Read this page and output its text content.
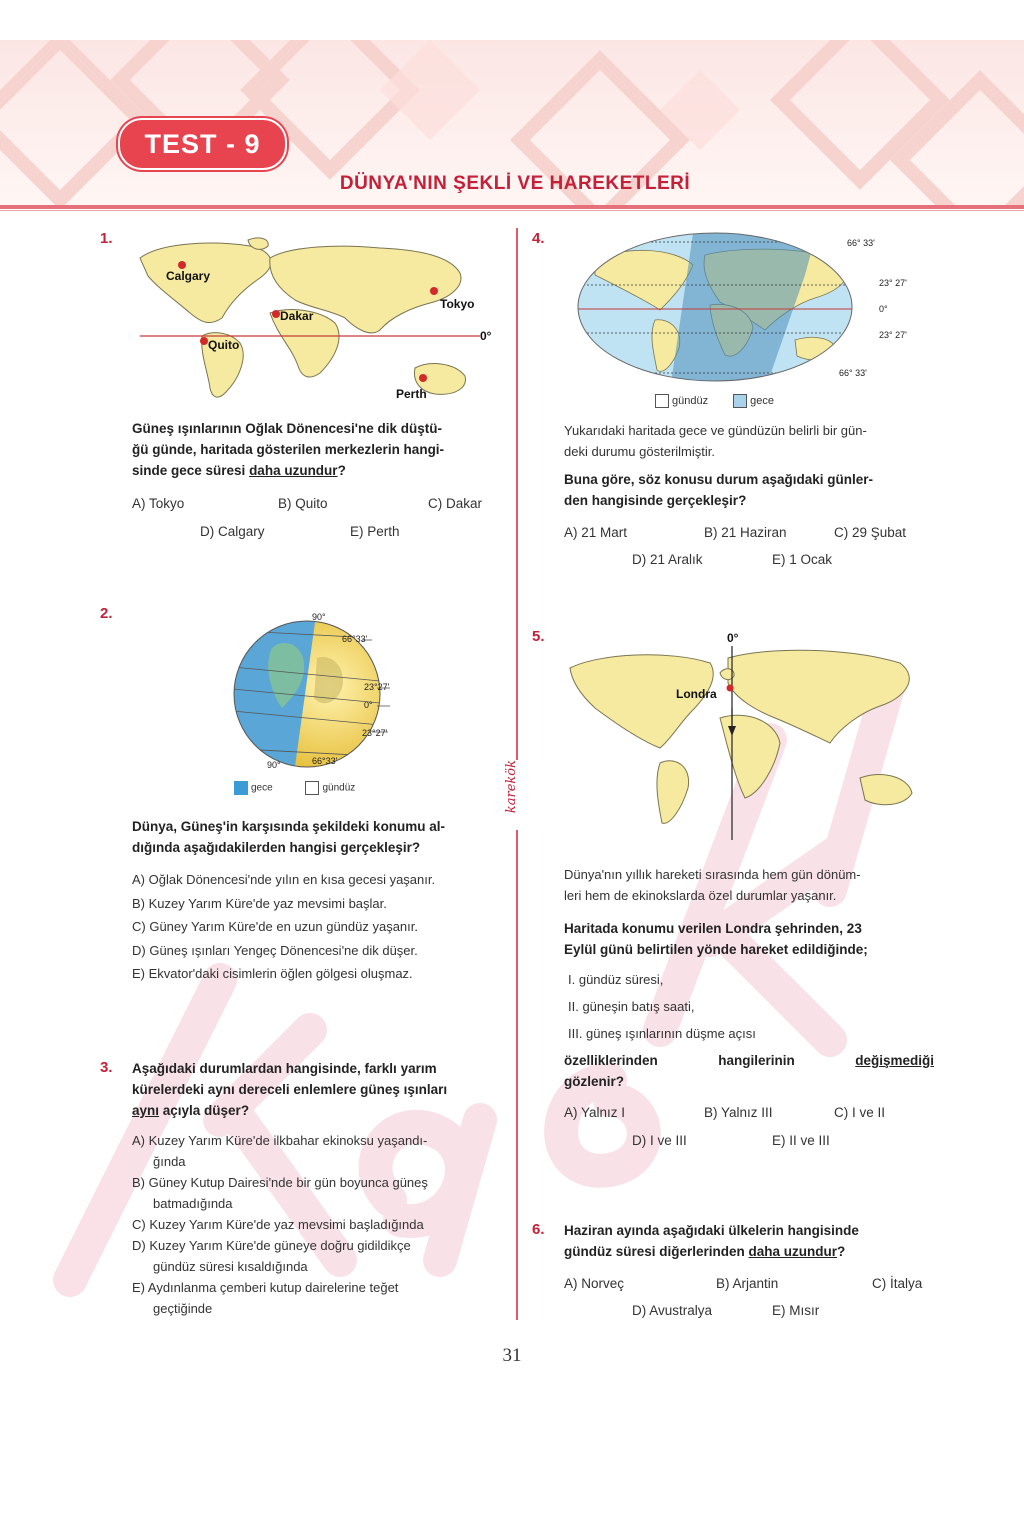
TEST - 9
DÜNYA'NIN ŞEKLİ VE HAREKETLERİ
karekök
1.
0°
Calgary
Dakar
Tokyo
Quito
Perth
Güneş ışınlarının Oğlak Dönencesi'ne dik düştü-
ğü günde, haritada gösterilen merkezlerin hangi-
sinde gece süresi daha uzundur?
A) Tokyo	B) Quito	C) Dakar
D) Calgary	E) Perth
2.	90°
66°33'
23°27'
0°
23°27'
66°33'
90°
gece	gündüz
Dünya, Güneş'in karşısında şekildeki konumu al-
dığında aşağıdakilerden hangisi gerçekleşir?
A) Oğlak Dönencesi'nde yılın en kısa gecesi yaşanır.
B) Kuzey Yarım Küre'de yaz mevsimi başlar.
C) Güney Yarım Küre'de en uzun gündüz yaşanır.
D) Güneş ışınları Yengeç Dönencesi'ne dik düşer.
E) Ekvator'daki cisimlerin öğlen gölgesi oluşmaz.
3. Aşağıdaki durumlardan hangisinde, farklı yarım
kürelerdeki aynı dereceli enlemlere güneş ışınları
aynı açıyla düşer?
A) Kuzey Yarım Küre'de ilkbahar ekinoksu yaşandı-
ğında
B) Güney Kutup Dairesi'nde bir gün boyunca güneş
batmadığında
C) Kuzey Yarım Küre'de yaz mevsimi başladığında
D) Kuzey Yarım Küre'de güneye doğru gidildikçe
gündüz süresi kısaldığında
E) Aydınlanma çemberi kutup dairelerine teğet
geçtiğinde
4.	66° 33'
23° 27'
0°
23° 27'
66° 33'
gündüz	gece
Yukarıdaki haritada gece ve gündüzün belirli bir gün-
deki durumu gösterilmiştir.
Buna göre, söz konusu durum aşağıdaki günler-
den hangisinde gerçekleşir?
A) 21 Mart	B) 21 Haziran	C) 29 Şubat
D) 21 Aralık	E) 1 Ocak
5.	0°
Londra
Dünya'nın yıllık hareketi sırasında hem gün dönüm-
leri hem de ekinokslarda özel durumlar yaşanır.
Haritada konumu verilen Londra şehrinden, 23
Eylül günü belirtilen yönde hareket edildiğinde;
I. gündüz süresi,
II. güneşin batış saati,
III. güneş ışınlarının düşme açısı
özelliklerinden	hangilerinin	değişmediği
gözlenir?
A) Yalnız I	B) Yalnız III	C) I ve II
D) I ve III	E) II ve III
6. Haziran ayında aşağıdaki ülkelerin hangisinde
gündüz süresi diğerlerinden daha uzundur?
A) Norveç	B) Arjantin	C) İtalya
D) Avustralya	E) Mısır
31
